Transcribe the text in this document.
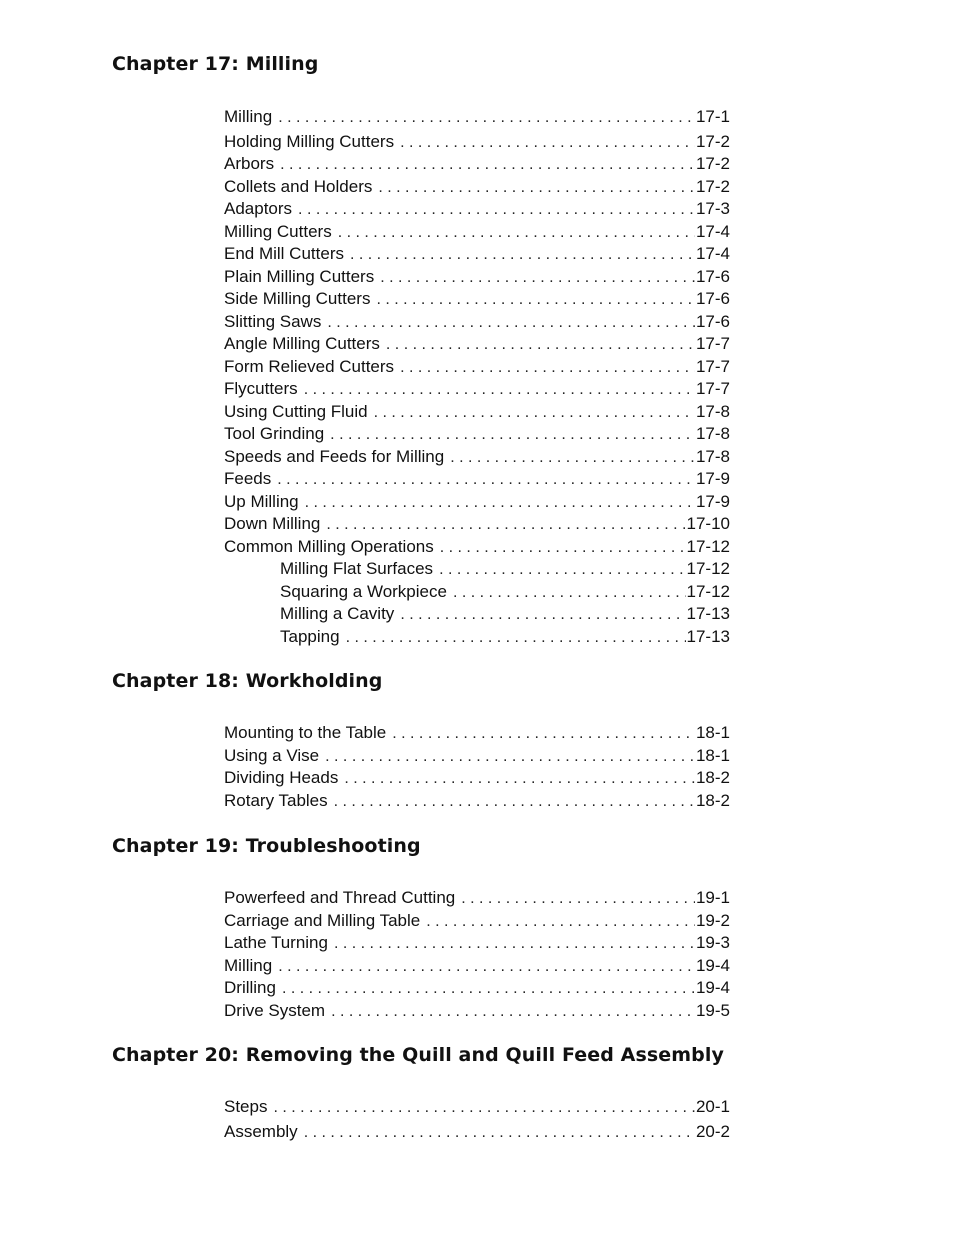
Chapter 17: Milling
Milling . . .	17-1
Holding Milling Cutters . . .	17-2
Arbors . . .	17-2
Collets and Holders . . .	17-2
Adaptors . . .	17-3
Milling Cutters . . .	17-4
End Mill Cutters . . .	17-4
Plain Milling Cutters . . .	17-6
Side Milling Cutters . . .	17-6
Slitting Saws . . .	17-6
Angle Milling Cutters . . .	17-7
Form Relieved Cutters . . .	17-7
Flycutters . . .	17-7
Using Cutting Fluid . . .	17-8
Tool Grinding . . .	17-8
Speeds and Feeds for Milling . . .	17-8
Feeds . . .	17-9
Up Milling . . .	17-9
Down Milling . . .	17-10
Common Milling Operations . . .	17-12
Milling Flat Surfaces . . .	17-12
Squaring a Workpiece . . .	17-12
Milling a Cavity . . .	17-13
Tapping . . .	17-13
Chapter 18: Workholding
Mounting to the Table . . .	18-1
Using a Vise . . .	18-1
Dividing Heads . . .	18-2
Rotary Tables . . .	18-2
Chapter 19: Troubleshooting
Powerfeed and Thread Cutting . . .	19-1
Carriage and Milling Table . . .	19-2
Lathe Turning . . .	19-3
Milling . . .	19-4
Drilling . . .	19-4
Drive System . . .	19-5
Chapter 20: Removing the Quill and Quill Feed Assembly
Steps . . .	20-1
Assembly . . .	20-2
